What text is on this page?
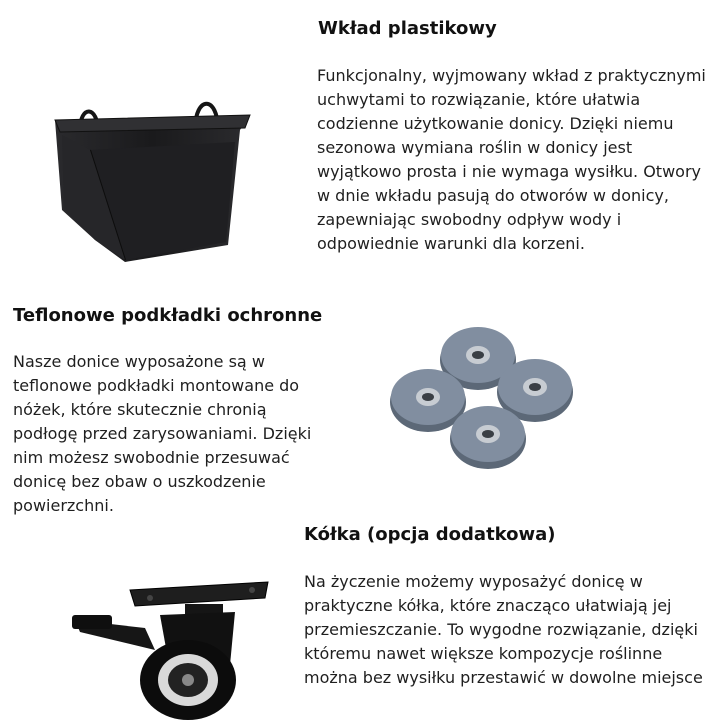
Wkład plastikowy

Funkcjonalny, wyjmowany wkład z praktycznymi uchwytami to rozwiązanie, które ułatwia codzienne użytkowanie donicy. Dzięki niemu sezonowa wymiana roślin w donicy jest wyjątkowo prosta i nie wymaga wysiłku. Otwory w dnie wkładu pasują do otworów w donicy, zapewniając swobodny odpływ wody i odpowiednie warunki dla korzeni.

Teflonowe podkładki ochronne

Nasze donice wyposażone są w teflonowe podkładki montowane do nóżek, które skutecznie chronią podłogę przed zarysowaniami. Dzięki nim możesz swobodnie przesuwać donicę bez obaw o uszkodzenie powierzchni.

Kółka (opcja dodatkowa)

Na życzenie możemy wyposażyć donicę w praktyczne kółka, które znacząco ułatwiają jej przemieszczanie. To wygodne rozwiązanie, dzięki któremu nawet większe kompozycje roślinne można bez wysiłku przestawić w dowolne miejsce
